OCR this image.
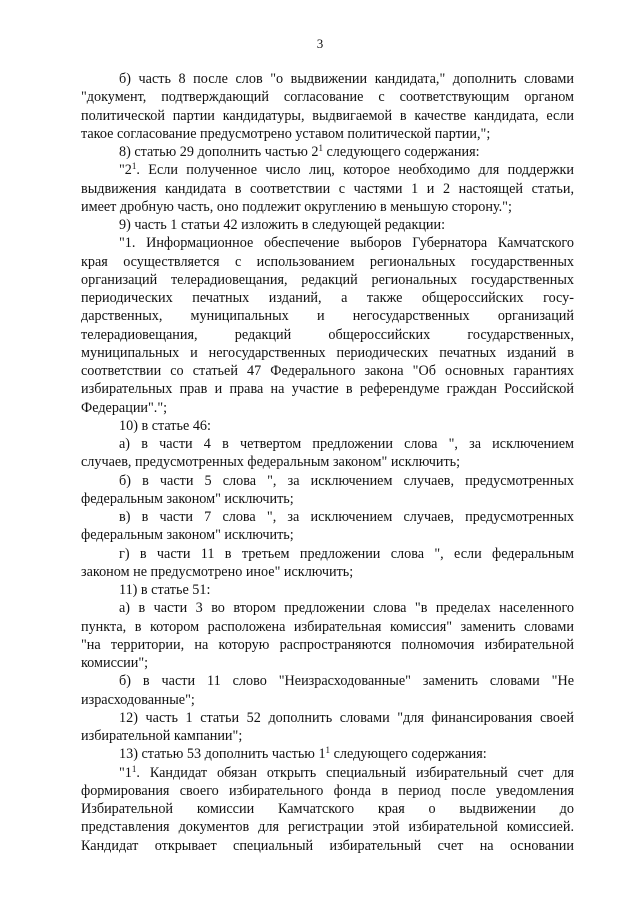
3
б) часть 8 после слов "о выдвижении кандидата," дополнить словами
"документ, подтверждающий согласование с соответствующим органом
политической партии кандидатуры, выдвигаемой в качестве кандидата, если
такое согласование предусмотрено уставом политической партии,";
8) статью 29 дополнить частью $2^1$ следующего содержания:
"$2^1$. Если полученное число лиц, которое необходимо для поддержки
выдвижения кандидата в соответствии с частями 1 и 2 настоящей статьи,
имеет дробную часть, оно подлежит округлению в меньшую сторону.";
9) часть 1 статьи 42 изложить в следующей редакции:
"1. Информационное обеспечение выборов Губернатора Камчатского
края осуществляется с использованием региональных государственных
организаций телерадиовещания, редакций региональных государственных
периодических печатных изданий, а также общероссийских госу-
дарственных, муниципальных и негосударственных организаций
телерадиовещания, редакций общероссийских государственных,
муниципальных и негосударственных периодических печатных изданий в
соответствии со статьей 47 Федерального закона "Об основных гарантиях
избирательных прав и права на участие в референдуме граждан Российской
Федерации".";
10) в статье 46:
а) в части 4 в четвертом предложении слова ", за исключением
случаев, предусмотренных федеральным законом" исключить;
б) в части 5 слова ", за исключением случаев, предусмотренных
федеральным законом" исключить;
в) в части 7 слова ", за исключением случаев, предусмотренных
федеральным законом" исключить;
г) в части 11 в третьем предложении слова ", если федеральным
законом не предусмотрено иное" исключить;
11) в статье 51:
а) в части 3 во втором предложении слова "в пределах населенного
пункта, в котором расположена избирательная комиссия" заменить словами
"на территории, на которую распространяются полномочия избирательной
комиссии";
б) в части 11 слово "Неизрасходованные" заменить словами "Не
израсходованные";
12) часть 1 статьи 52 дополнить словами "для финансирования своей
избирательной кампании";
13) статью 53 дополнить частью $1^1$ следующего содержания:
"$1^1$. Кандидат обязан открыть специальный избирательный счет для
формирования своего избирательного фонда в период после уведомления
Избирательной комиссии Камчатского края о выдвижении до
представления документов для регистрации этой избирательной комиссией.
Кандидат открывает специальный избирательный счет на основании
